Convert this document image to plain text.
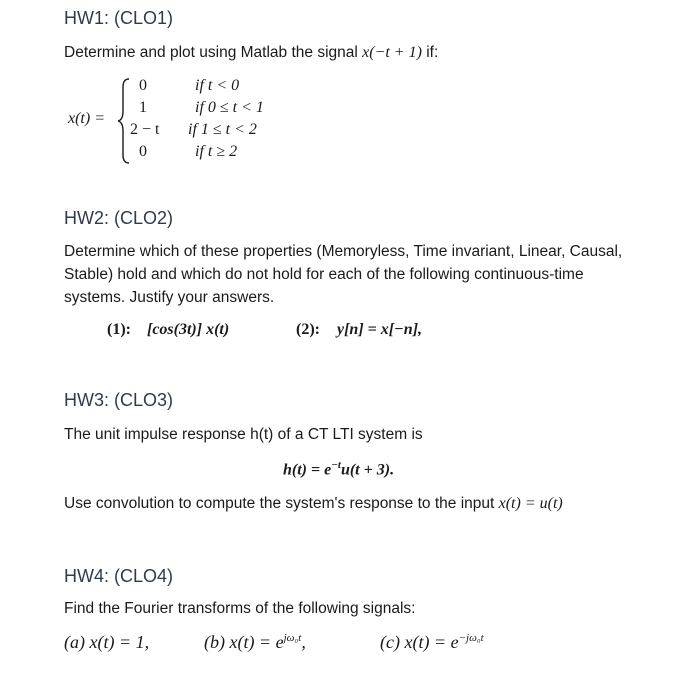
HW1: (CLO1)
Determine and plot using Matlab the signal x(−t + 1) if:
x(t) =
0	if t < 0
1	if 0 ≤ t < 1
2 − t if 1 ≤ t < 2
0	if t ≥ 2
HW2: (CLO2)
Determine which of these properties (Memoryless, Time invariant, Linear, Causal,
Stable) hold and which do not hold for each of the following continuous-time
systems. Justify your answers.
(1): [cos(3t)] x(t)	(2): y[n] = x[−n],
HW3: (CLO3)
The unit impulse response h(t) of a CT LTI system is
$h(t) = e^{-t}u(t + 3)$.
Use convolution to compute the system's response to the input x(t) = u(t)
HW4: (CLO4)
Find the Fourier transforms of the following signals:
(a) x(t) = 1,	(b) $x(t) = e^{j\omega_0t}$,	(c) $x(t) = e^{-j\omega_0t}$
